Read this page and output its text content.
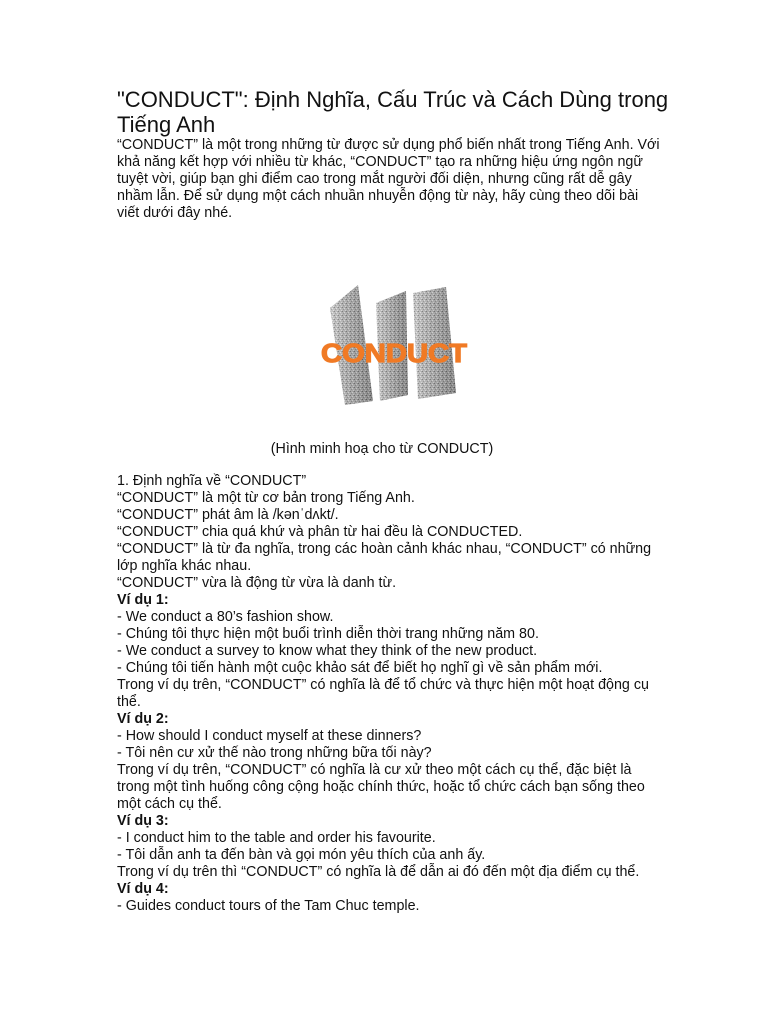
"CONDUCT": Định Nghĩa, Cấu Trúc và Cách Dùng trong Tiếng Anh

“CONDUCT” là một trong những từ được sử dụng phổ biến nhất trong Tiếng Anh. Với khả năng kết hợp với nhiều từ khác, “CONDUCT” tạo ra những hiệu ứng ngôn ngữ tuyệt vời, giúp bạn ghi điểm cao trong mắt người đối diện, nhưng cũng rất dễ gây nhầm lẫn. Để sử dụng một cách nhuần nhuyễn động từ này, hãy cùng theo dõi bài viết dưới đây nhé.

CONDUCT
(Hình minh hoạ cho từ CONDUCT)

1. Định nghĩa về “CONDUCT”

“CONDUCT” là một từ cơ bản trong Tiếng Anh.

“CONDUCT” phát âm là /kənˈdʌkt/.

“CONDUCT” chia quá khứ và phân từ hai đều là CONDUCTED.

“CONDUCT” là từ đa nghĩa, trong các hoàn cảnh khác nhau, “CONDUCT” có những lớp nghĩa khác nhau.

“CONDUCT” vừa là động từ vừa là danh từ.

Ví dụ 1:

- We conduct a 80’s fashion show.

- Chúng tôi thực hiện một buổi trình diễn thời trang những năm 80.

- We conduct a survey to know what they think of the new product.

- Chúng tôi tiến hành một cuộc khảo sát để biết họ nghĩ gì về sản phẩm mới.

Trong ví dụ trên, “CONDUCT” có nghĩa là để tổ chức và thực hiện một hoạt động cụ thể.

Ví dụ 2:

- How should I conduct myself at these dinners?

- Tôi nên cư xử thế nào trong những bữa tối này?

Trong ví dụ trên, “CONDUCT” có nghĩa là cư xử theo một cách cụ thể, đặc biệt là trong một tình huống công cộng hoặc chính thức, hoặc tổ chức cách bạn sống theo một cách cụ thể.

Ví dụ 3:

- I conduct him to the table and order his favourite.

- Tôi dẫn anh ta đến bàn và gọi món yêu thích của anh ấy.

Trong ví dụ trên thì “CONDUCT” có nghĩa là để dẫn ai đó đến một địa điểm cụ thể.

Ví dụ 4:

- Guides conduct tours of the Tam Chuc temple.
